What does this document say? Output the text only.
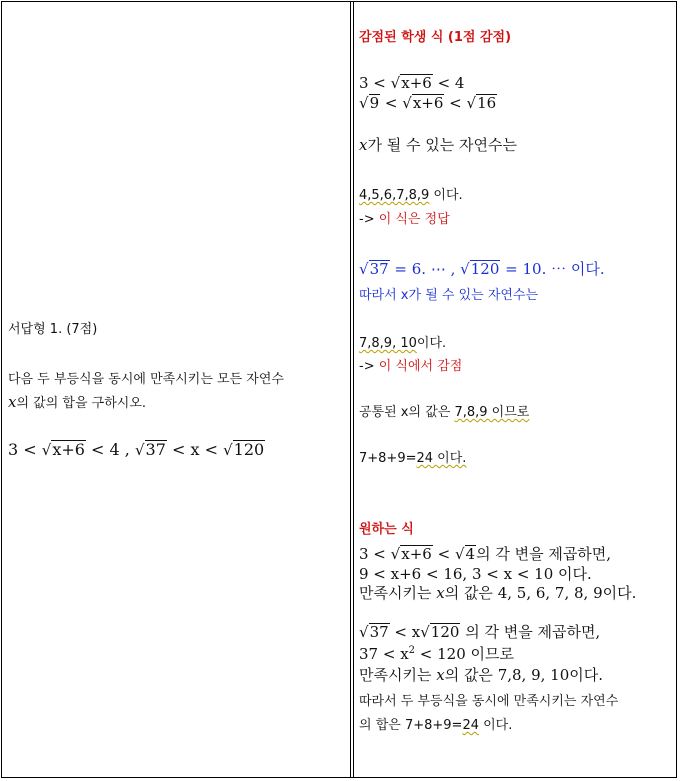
서답형 1. (7점)
다음 두 부등식을 동시에 만족시키는 모든 자연수
x의 값의 합을 구하시오.
3 < √x+6 < 4 , √37 < x < √120
감점된 학생 식 (1점 감점)
3 < √x+6 < 4
√9 < √x+6 < √16
x가 될 수 있는 자연수는
4,5,6,7,8,9 이다.
-> 이 식은 정답
√37 = 6. ⋯ , √120 = 10. ⋯ 이다.
따라서 x가 될 수 있는 자연수는
7,8,9, 10이다.
-> 이 식에서 감점
공통된 x의 값은 7,8,9 이므로
7+8+9=24 이다.
원하는 식
3 < √x+6 < √4의 각 변을 제곱하면,
9 < x+6 < 16, 3 < x < 10 이다.
만족시키는 x의 값은 4, 5, 6, 7, 8, 9이다.
√37 < x√120 의 각 변을 제곱하면,
$37 < x^2 < 120$ 이므로
만족시키는 x의 값은 7,8, 9, 10이다.
따라서 두 부등식을 동시에 만족시키는 자연수
의 합은 7+8+9=24 이다.
